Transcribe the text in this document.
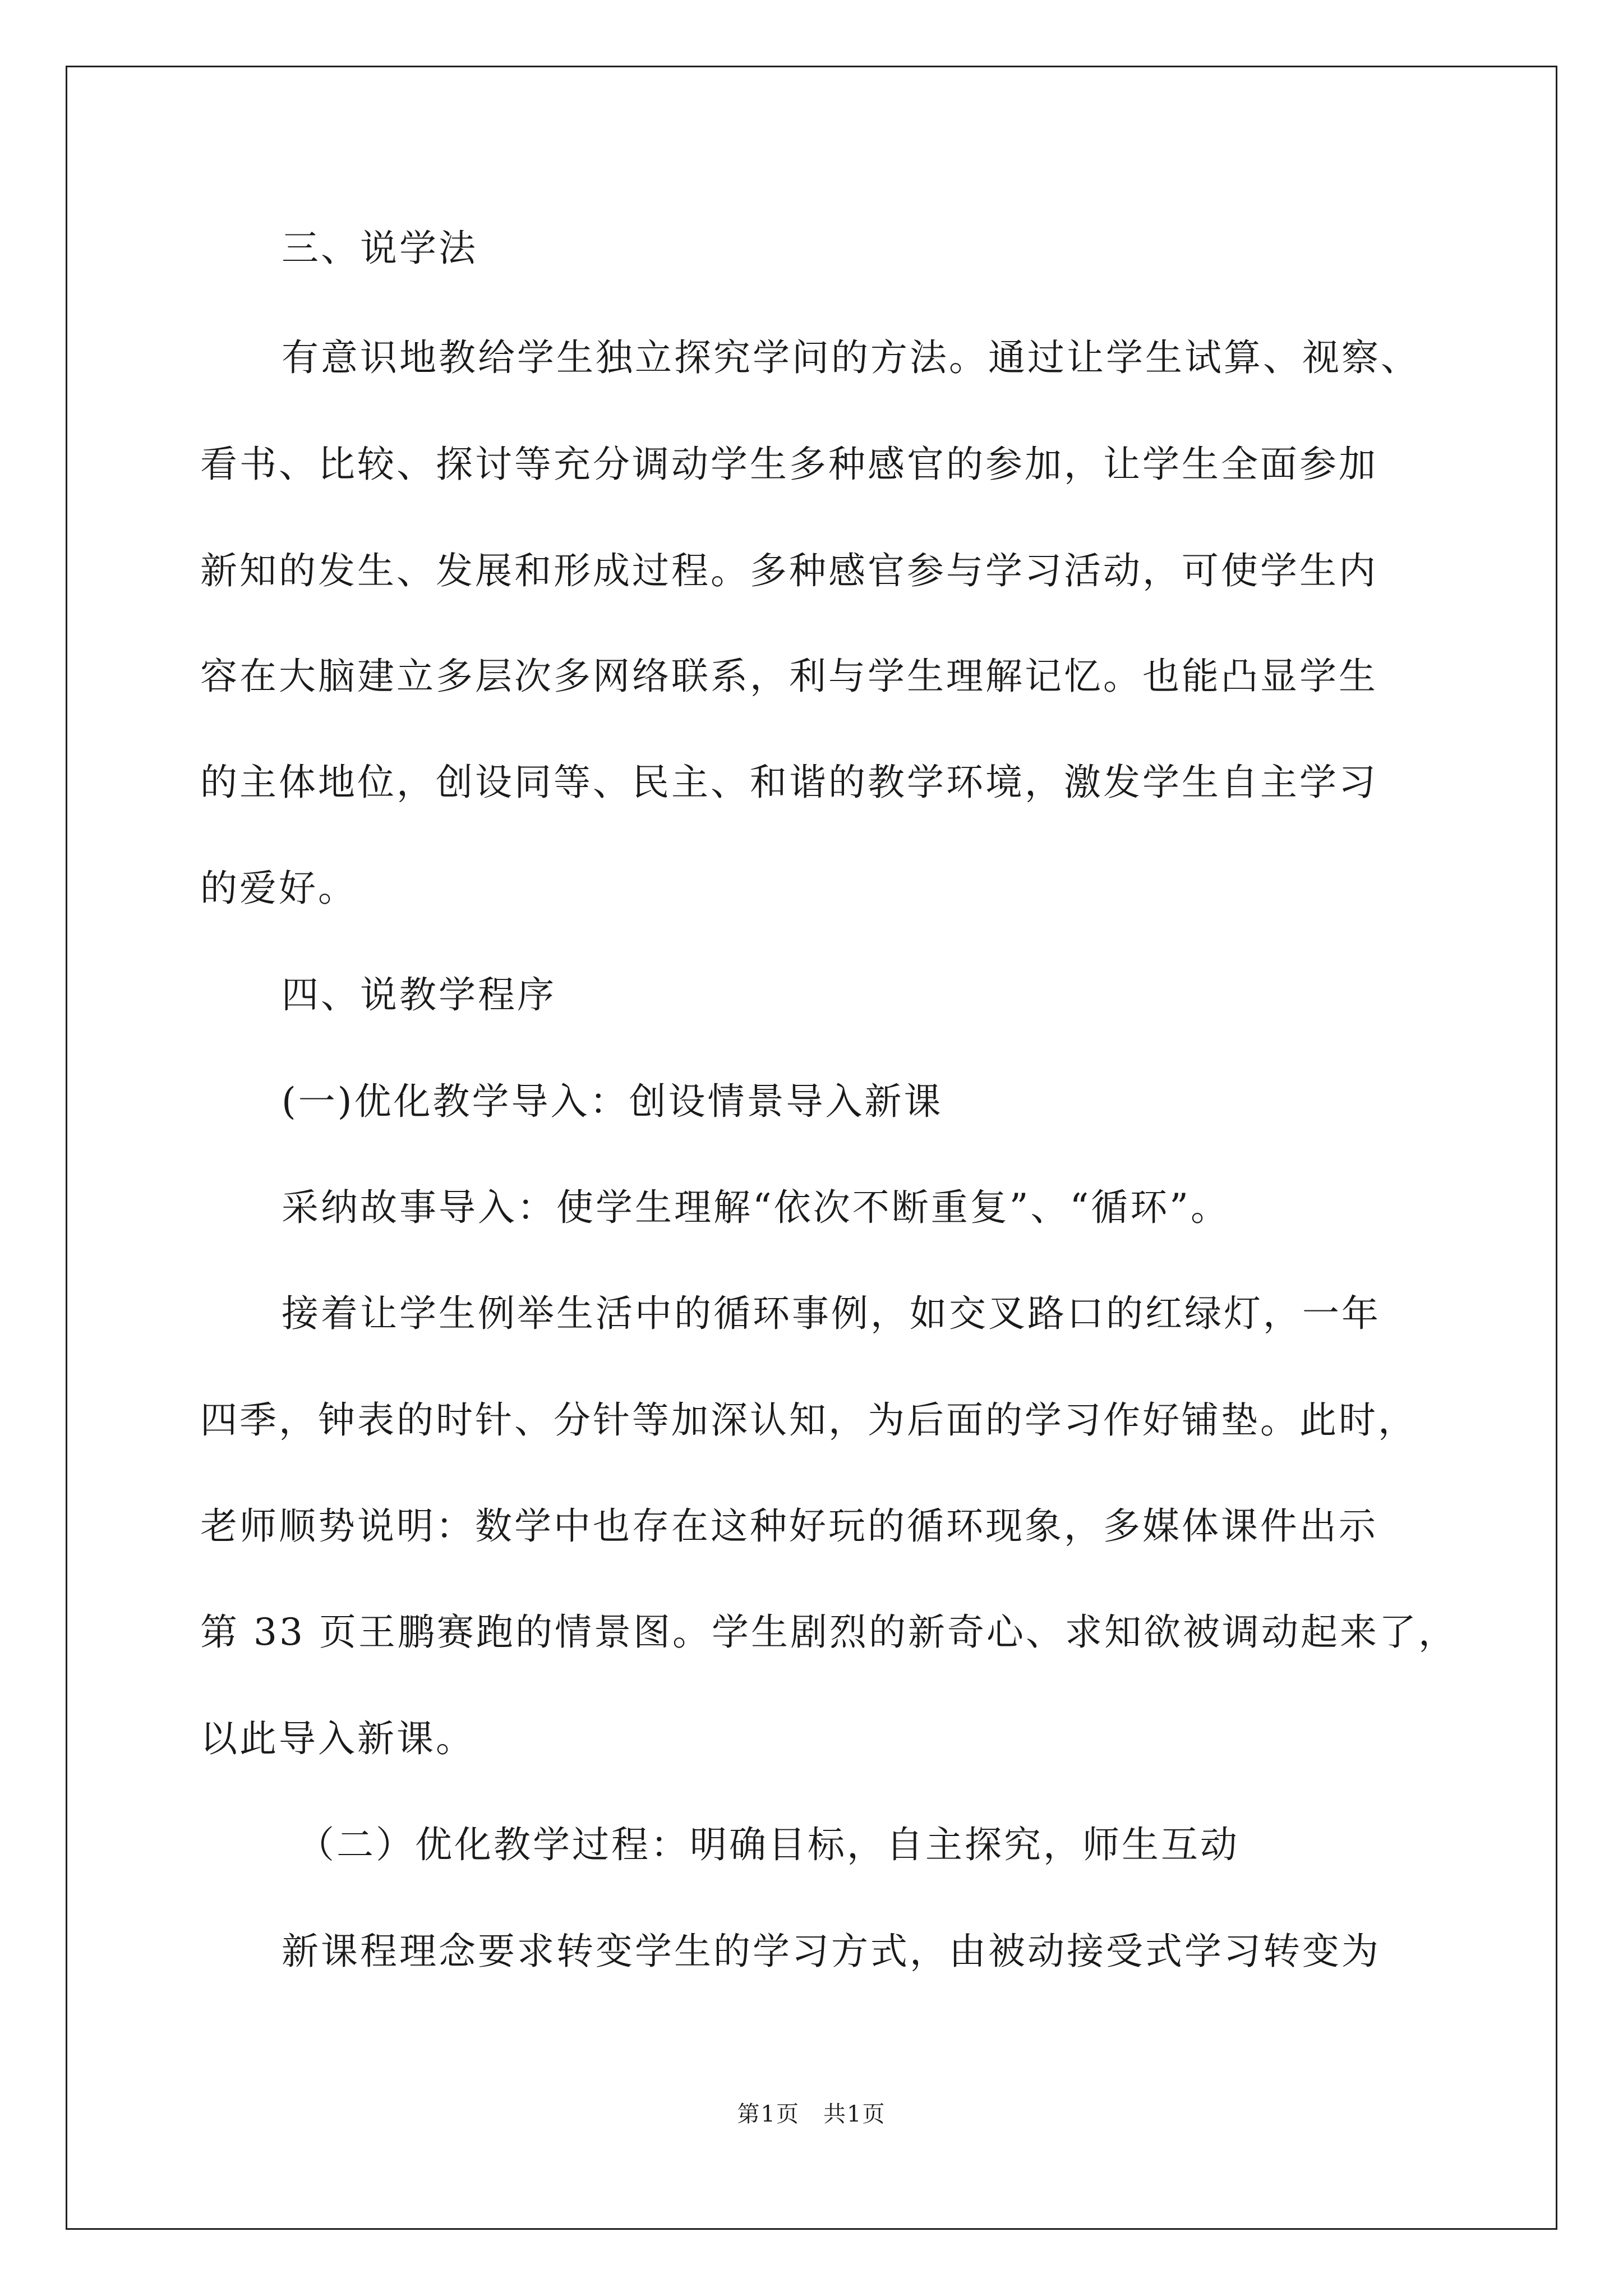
三、说学法
有意识地教给学生独立探究学问的方法。通过让学生试算、视察、
看书、比较、探讨等充分调动学生多种感官的参加，让学生全面参加
新知的发生、发展和形成过程。多种感官参与学习活动，可使学生内
容在大脑建立多层次多网络联系，利与学生理解记忆。也能凸显学生
的主体地位，创设同等、民主、和谐的教学环境，激发学生自主学习
的爱好。
四、说教学程序
(一)优化教学导入：创设情景导入新课
采纳故事导入：使学生理解“依次不断重复”、“循环”。
接着让学生例举生活中的循环事例，如交叉路口的红绿灯，一年
四季，钟表的时针、分针等加深认知，为后面的学习作好铺垫。此时，
老师顺势说明：数学中也存在这种好玩的循环现象，多媒体课件出示
第 33 页王鹏赛跑的情景图。学生剧烈的新奇心、求知欲被调动起来了，
以此导入新课。
（二）优化教学过程：明确目标，自主探究，师生互动
新课程理念要求转变学生的学习方式，由被动接受式学习转变为
第1页　共1页
